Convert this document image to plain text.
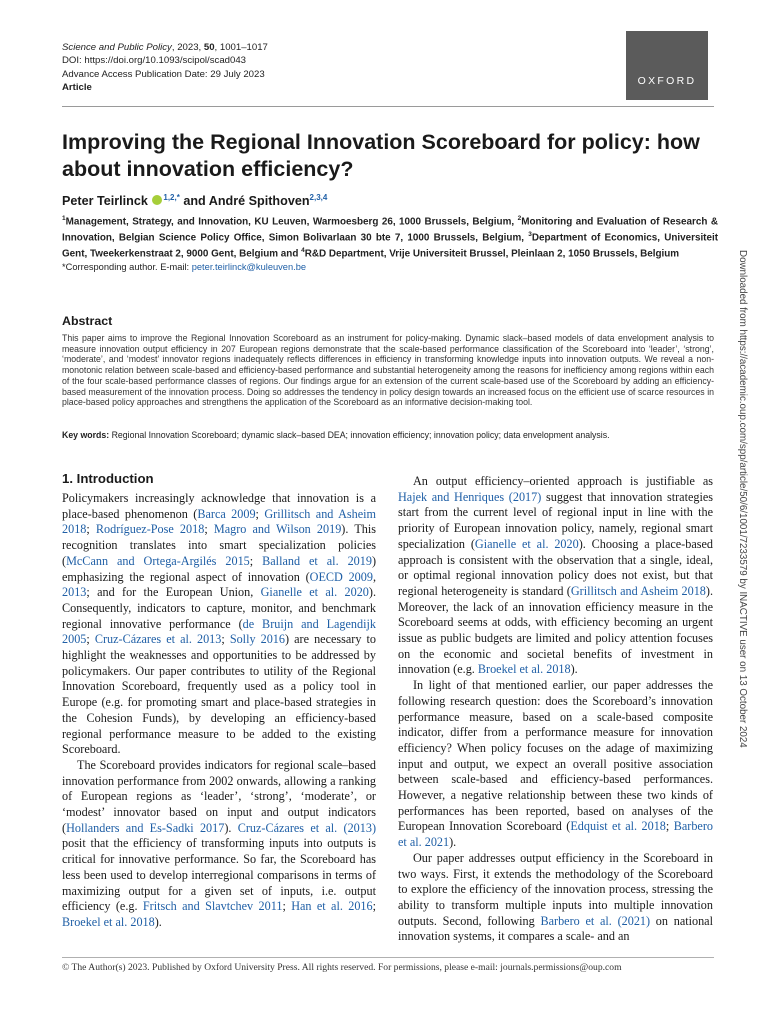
Science and Public Policy, 2023, 50, 1001–1017
DOI: https://doi.org/10.1093/scipol/scad043
Advance Access Publication Date: 29 July 2023
Article
OXFORD
Improving the Regional Innovation Scoreboard for policy: how about innovation efficiency?
Peter Teirlinck $^{1,2,*}$ and André Spithoven$^{2,3,4}$
$^1$Management, Strategy, and Innovation, KU Leuven, Warmoesberg 26, 1000 Brussels, Belgium, $^2$Monitoring and Evaluation of Research & Innovation, Belgian Science Policy Office, Simon Bolivarlaan 30 bte 7, 1000 Brussels, Belgium, $^3$Department of Economics, Universiteit Gent, Tweekerkenstraat 2, 9000 Gent, Belgium and $^4$R&D Department, Vrije Universiteit Brussel, Pleinlaan 2, 1050 Brussels, Belgium
*Corresponding author. E-mail: peter.teirlinck@kuleuven.be
Abstract
This paper aims to improve the Regional Innovation Scoreboard as an instrument for policy-making. Dynamic slack–based models of data envelopment analysis to measure innovation output efficiency in 207 European regions demonstrate that the scale-based performance classification of the Scoreboard into ‘leader’, ‘strong’, ‘moderate’, and ‘modest’ innovator regions inadequately reflects differences in efficiency in transforming knowledge inputs into innovation outputs. We reveal a non-monotonic relation between scale-based and efficiency-based performance and substantial heterogeneity among the reasons for inefficiency among regions within each of the four scale-based performance classes of regions. Our findings argue for an extension of the current scale-based use of the Scoreboard by adding an efficiency-based measurement of the innovation process. Doing so addresses the tendency in policy design towards an increased focus on the efficient use of scarce resources in place-based policy approaches and strengthens the application of the Scoreboard as an informative decision-making tool.
Key words: Regional Innovation Scoreboard; dynamic slack–based DEA; innovation efficiency; innovation policy; data envelopment analysis.
1. Introduction

Policymakers increasingly acknowledge that innovation is a place-based phenomenon (Barca 2009; Grillitsch and Asheim 2018; Rodríguez-Pose 2018; Magro and Wilson 2019). This recognition translates into smart specialization policies (McCann and Ortega-Argilés 2015; Balland et al. 2019) emphasizing the regional aspect of innovation (OECD 2009, 2013; and for the European Union, Gianelle et al. 2020). Consequently, indicators to capture, monitor, and benchmark regional innovative performance (de Bruijn and Lagendijk 2005; Cruz-Cázares et al. 2013; Solly 2016) are necessary to highlight the weaknesses and opportunities to be addressed by policymakers. Our paper contributes to utility of the Regional Innovation Scoreboard, frequently used as a policy tool in Europe (e.g. for promoting smart and place-based strategies in the Cohesion Funds), by developing an efficiency-based regional performance measure to be added to the existing Scoreboard.

The Scoreboard provides indicators for regional scale–based innovation performance from 2002 onwards, allowing a ranking of European regions as ‘leader’, ‘strong’, ‘moderate’, or ‘modest’ innovator based on input and output indicators (Hollanders and Es-Sadki 2017). Cruz-Cázares et al. (2013) posit that the efficiency of transforming inputs into outputs is critical for innovative performance. So far, the Scoreboard has less been used to develop interregional comparisons in terms of maximizing output for a given set of inputs, i.e. output efficiency (e.g. Fritsch and Slavtchev 2011; Han et al. 2016; Broekel et al. 2018).

An output efficiency–oriented approach is justifiable as Hajek and Henriques (2017) suggest that innovation strategies start from the current level of regional input in line with the priority of European innovation policy, namely, regional smart specialization (Gianelle et al. 2020). Choosing a place-based approach is consistent with the observation that a single, ideal, or optimal regional innovation policy does not exist, but that regional heterogeneity is standard (Grillitsch and Asheim 2018). Moreover, the lack of an innovation efficiency measure in the Scoreboard seems at odds, with efficiency becoming an urgent issue as public budgets are limited and policy attention focuses on the economic and societal benefits of investment in innovation (e.g. Broekel et al. 2018).

In light of that mentioned earlier, our paper addresses the following research question: does the Scoreboard’s innovation performance measure, based on a scale-based composite indicator, differ from a performance measure for innovation efficiency? When policy focuses on the adage of maximizing input and output, we expect an overall positive association between scale-based and efficiency-based performances. However, a negative relationship between these two kinds of performances has been reported, based on analyses of the European Innovation Scoreboard (Edquist et al. 2018; Barbero et al. 2021).

Our paper addresses output efficiency in the Scoreboard in two ways. First, it extends the methodology of the Scoreboard to explore the efficiency of the innovation process, stressing the ability to transform multiple inputs into multiple innovation outputs. Second, following Barbero et al. (2021) on national innovation systems, it compares a scale- and an

Downloaded from https://academic.oup.com/spp/article/50/6/1001/7233579 by INACTIVE user on 13 October 2024
© The Author(s) 2023. Published by Oxford University Press. All rights reserved. For permissions, please e-mail: journals.permissions@oup.com
